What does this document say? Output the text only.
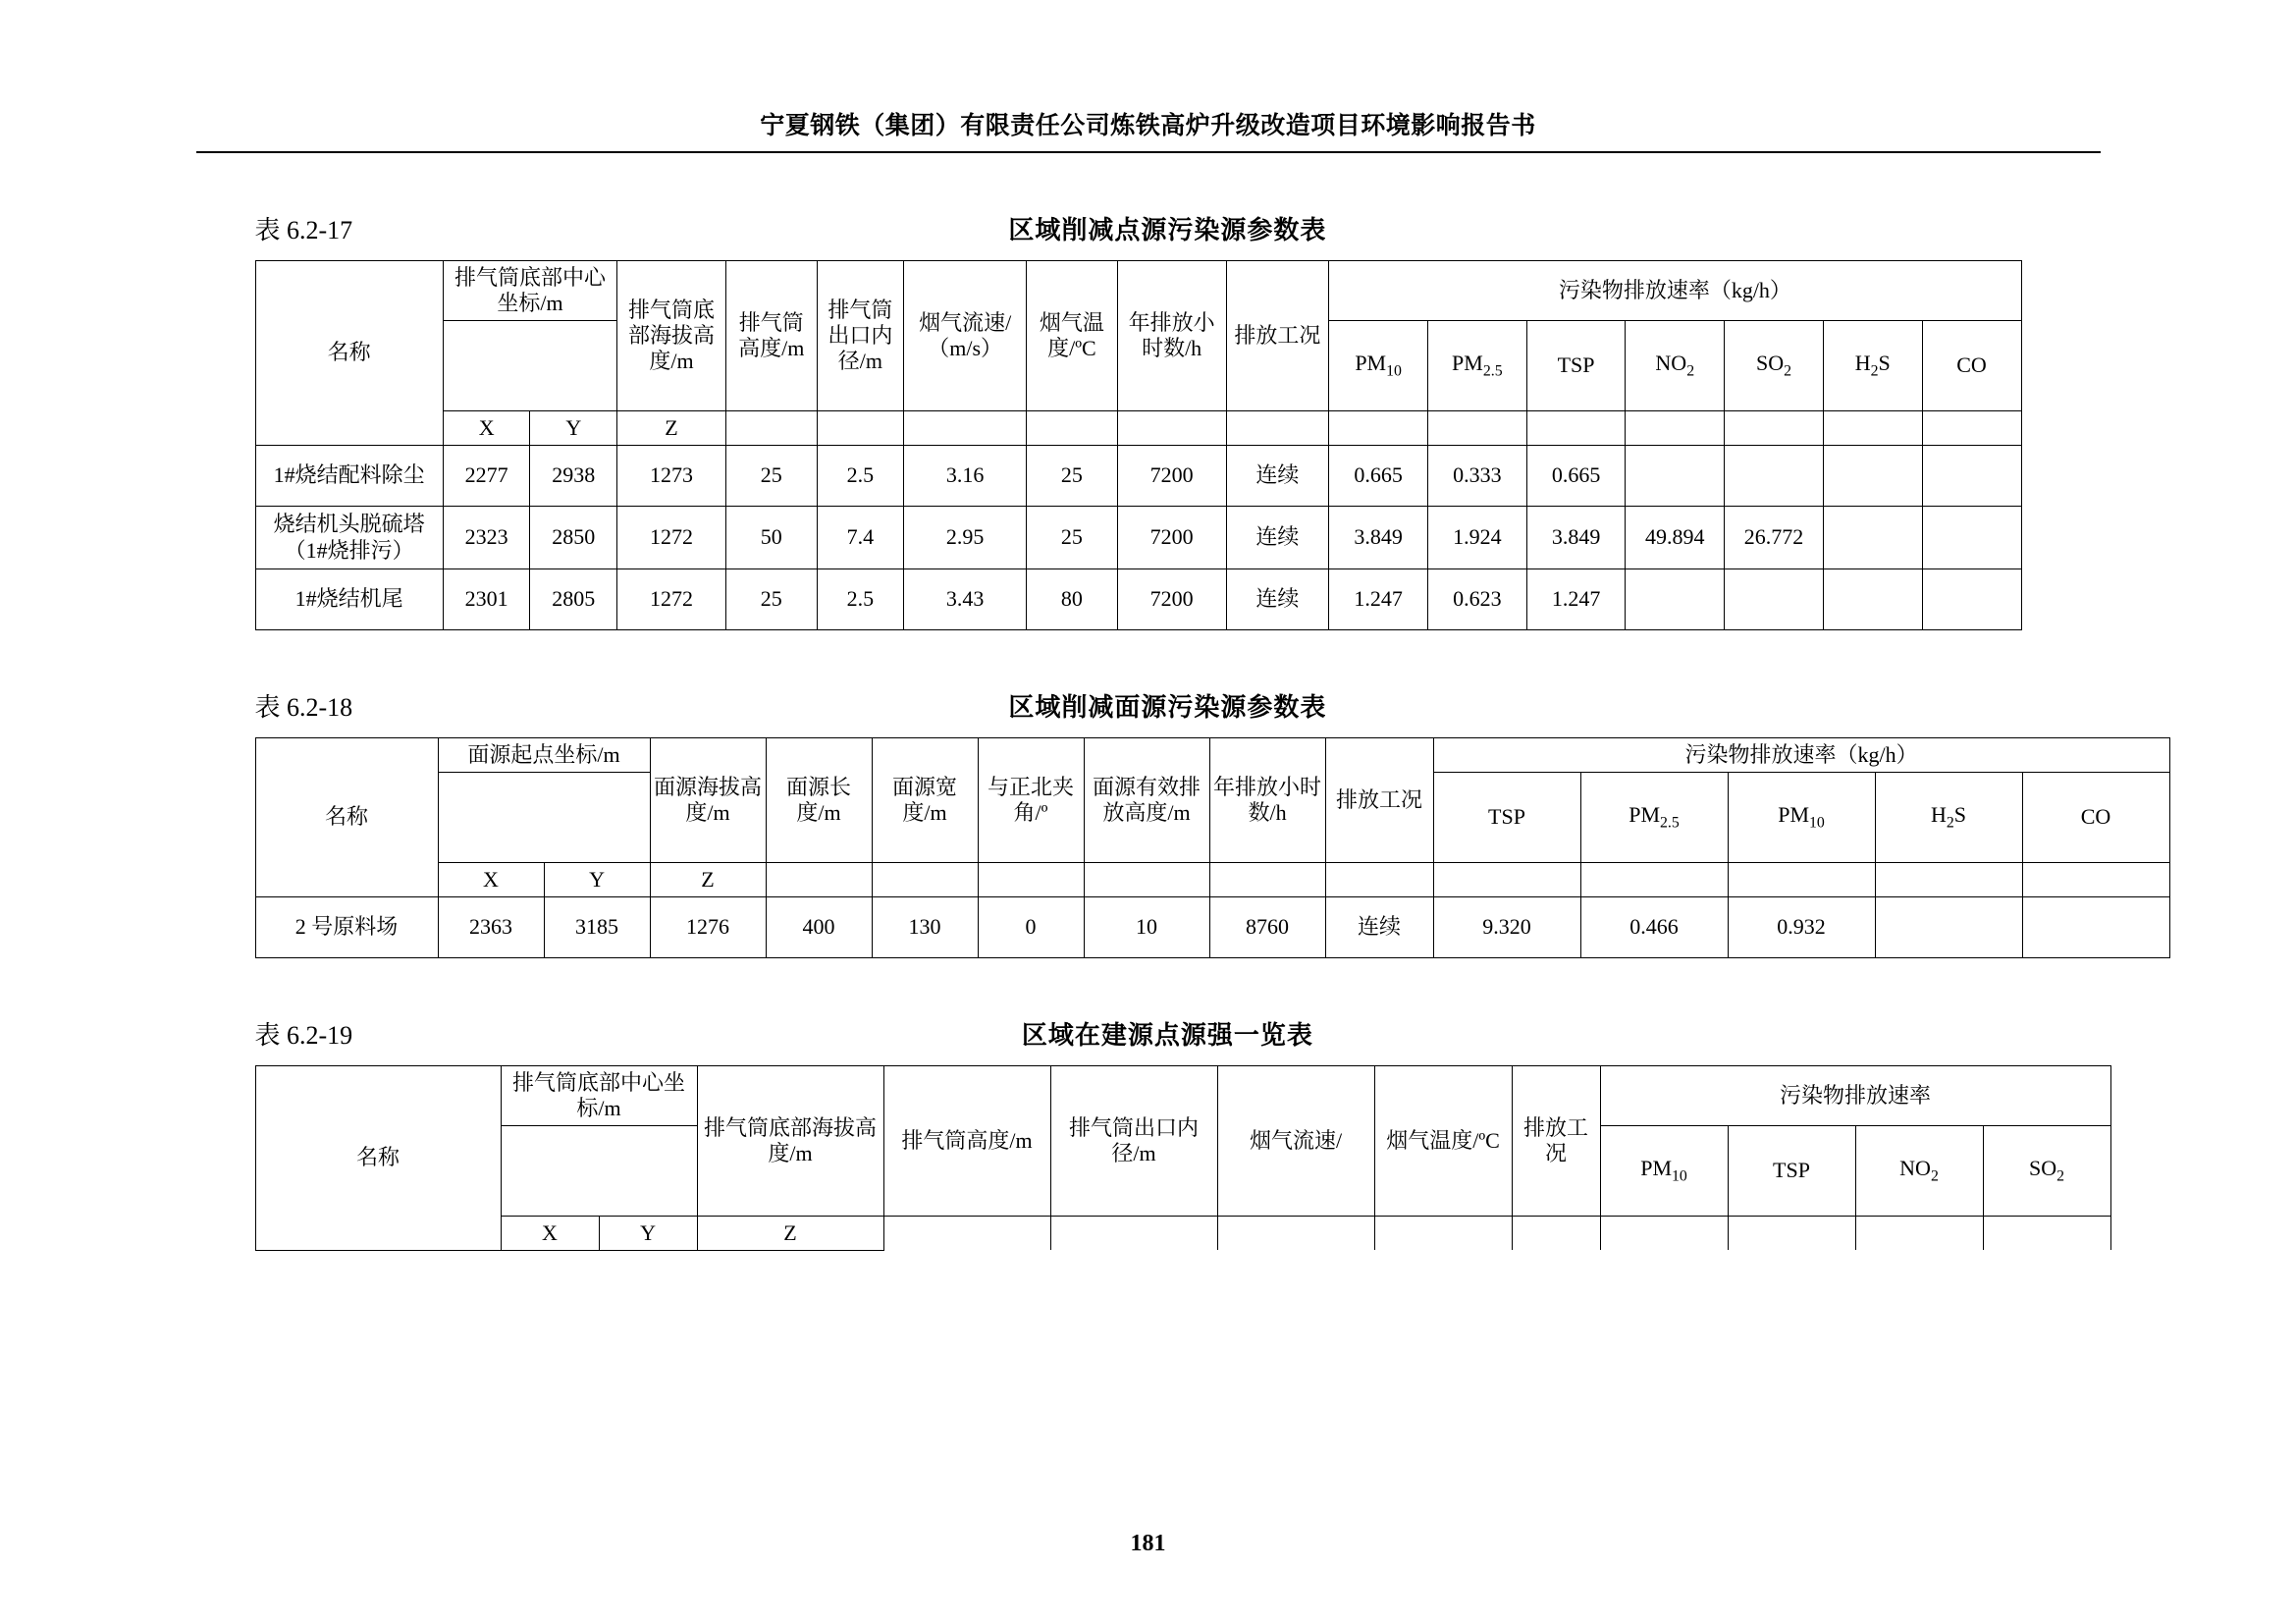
宁夏钢铁（集团）有限责任公司炼铁高炉升级改造项目环境影响报告书
表 6.2-17	区域削减点源污染源参数表
名称	排气筒底部中心坐标/m		排气筒底部海拔高度/m	排气筒高度/m	排气筒出口内径/m	烟气流速/（m/s）	烟气温度/ºC	年排放小时数/h	排放工况	污染物排放速率（kg/h）						
										$PM_{10}$	$PM_{2.5}$	TSP	$NO_2$	$SO_2$	$H_2S$	CO
	X	Y	Z													
1#烧结配料除尘	2277	2938	1273	25	2.5	3.16	25	7200	连续	0.665	0.333	0.665				
烧结机头脱硫塔（1#烧排污）	2323	2850	1272	50	7.4	2.95	25	7200	连续	3.849	1.924	3.849	49.894	26.772		
1#烧结机尾	2301	2805	1272	25	2.5	3.43	80	7200	连续	1.247	0.623	1.247				
表 6.2-18	区域削减面源污染源参数表
名称	面源起点坐标/m		面源海拔高度/m	面源长度/m	面源宽度/m	与正北夹角/º	面源有效排放高度/m	年排放小时数/h	排放工况	污染物排放速率（kg/h）				
										TSP	$PM_{2.5}$	$PM_{10}$	$H_2S$	CO
	X	Y	Z											
2 号原料场	2363	3185	1276	400	130	0	10	8760	连续	9.320	0.466	0.932		
表 6.2-19	区域在建源点源强一览表
名称	排气筒底部中心坐标/m		排气筒底部海拔高度/m	排气筒高度/m	排气筒出口内径/m	烟气流速/	烟气温度/ºC	排放工况	污染物排放速率			
									$PM_{10}$	TSP	$NO_2$	$SO_2$
	X	Y	Z									
181
